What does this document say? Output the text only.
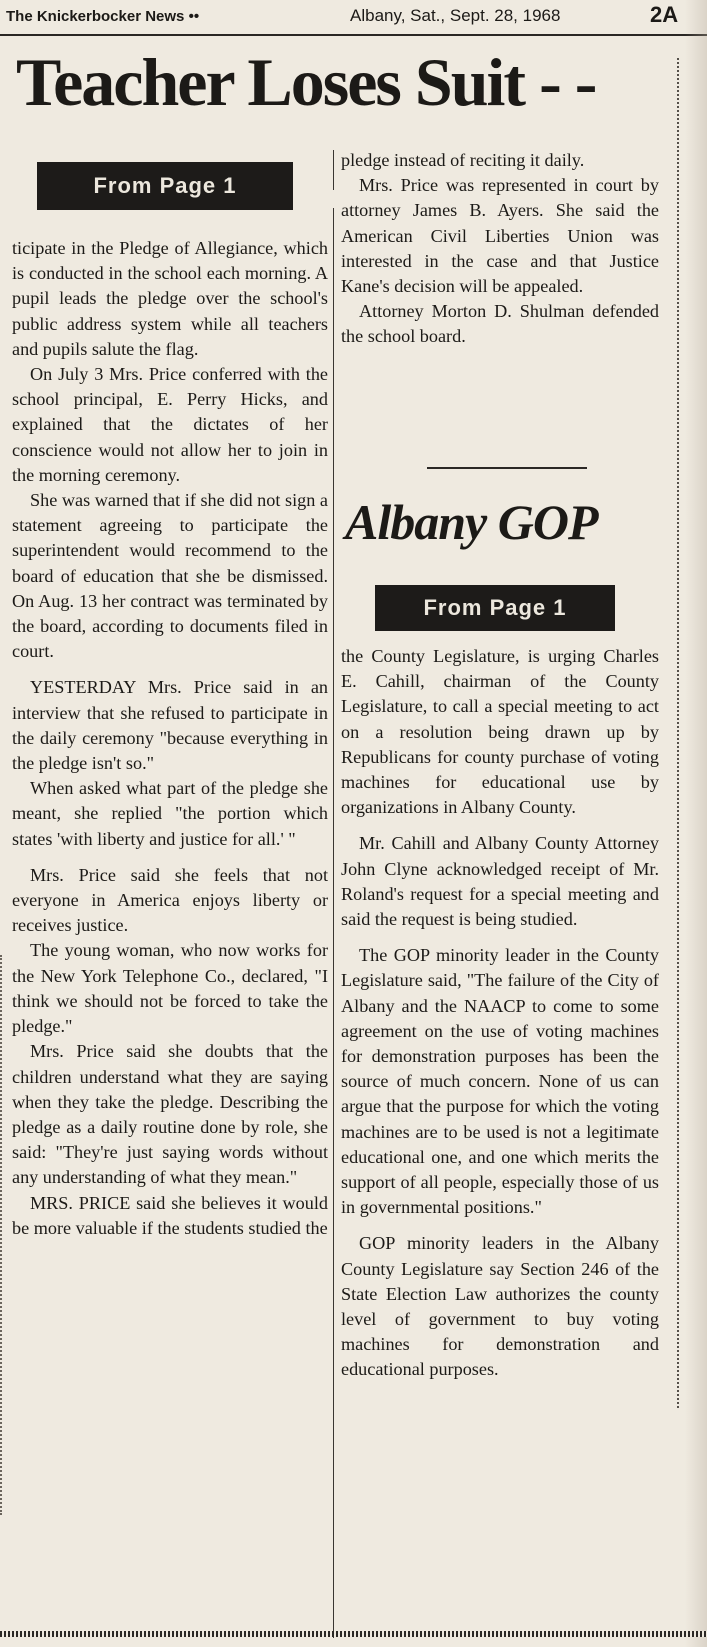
The Knickerbocker News ••	Albany, Sat., Sept. 28, 1968	2A
Teacher Loses Suit - -
From Page 1

ticipate in the Pledge of Allegiance, which is conducted in the school each morning. A pupil leads the pledge over the school's public address system while all teachers and pupils salute the flag.

On July 3 Mrs. Price conferred with the school principal, E. Perry Hicks, and explained that the dictates of her conscience would not allow her to join in the morning ceremony.

She was warned that if she did not sign a statement agreeing to participate the superintendent would recommend to the board of education that she be dismissed. On Aug. 13 her contract was terminated by the board, according to documents filed in court.

YESTERDAY Mrs. Price said in an interview that she refused to participate in the daily ceremony "because everything in the pledge isn't so."

When asked what part of the pledge she meant, she replied "the portion which states 'with liberty and justice for all.' "

Mrs. Price said she feels that not everyone in America enjoys liberty or receives justice.

The young woman, who now works for the New York Telephone Co., declared, "I think we should not be forced to take the pledge."

Mrs. Price said she doubts that the children understand what they are saying when they take the pledge. Describing the pledge as a daily routine done by role, she said: "They're just saying words without any understanding of what they mean."

MRS. PRICE said she believes it would be more valuable if the students studied the

pledge instead of reciting it daily.

Mrs. Price was represented in court by attorney James B. Ayers. She said the American Civil Liberties Union was interested in the case and that Justice Kane's decision will be appealed.

Attorney Morton D. Shulman defended the school board.

Albany GOP
From Page 1

the County Legislature, is urging Charles E. Cahill, chairman of the County Legislature, to call a special meeting to act on a resolution being drawn up by Republicans for county purchase of voting machines for educational use by organizations in Albany County.

Mr. Cahill and Albany County Attorney John Clyne acknowledged receipt of Mr. Roland's request for a special meeting and said the request is being studied.

The GOP minority leader in the County Legislature said, "The failure of the City of Albany and the NAACP to come to some agreement on the use of voting machines for demonstration purposes has been the source of much concern. None of us can argue that the purpose for which the voting machines are to be used is not a legitimate educational one, and one which merits the support of all people, especially those of us in governmental positions."

GOP minority leaders in the Albany County Legislature say Section 246 of the State Election Law authorizes the county level of government to buy voting machines for demonstration and educational purposes.
